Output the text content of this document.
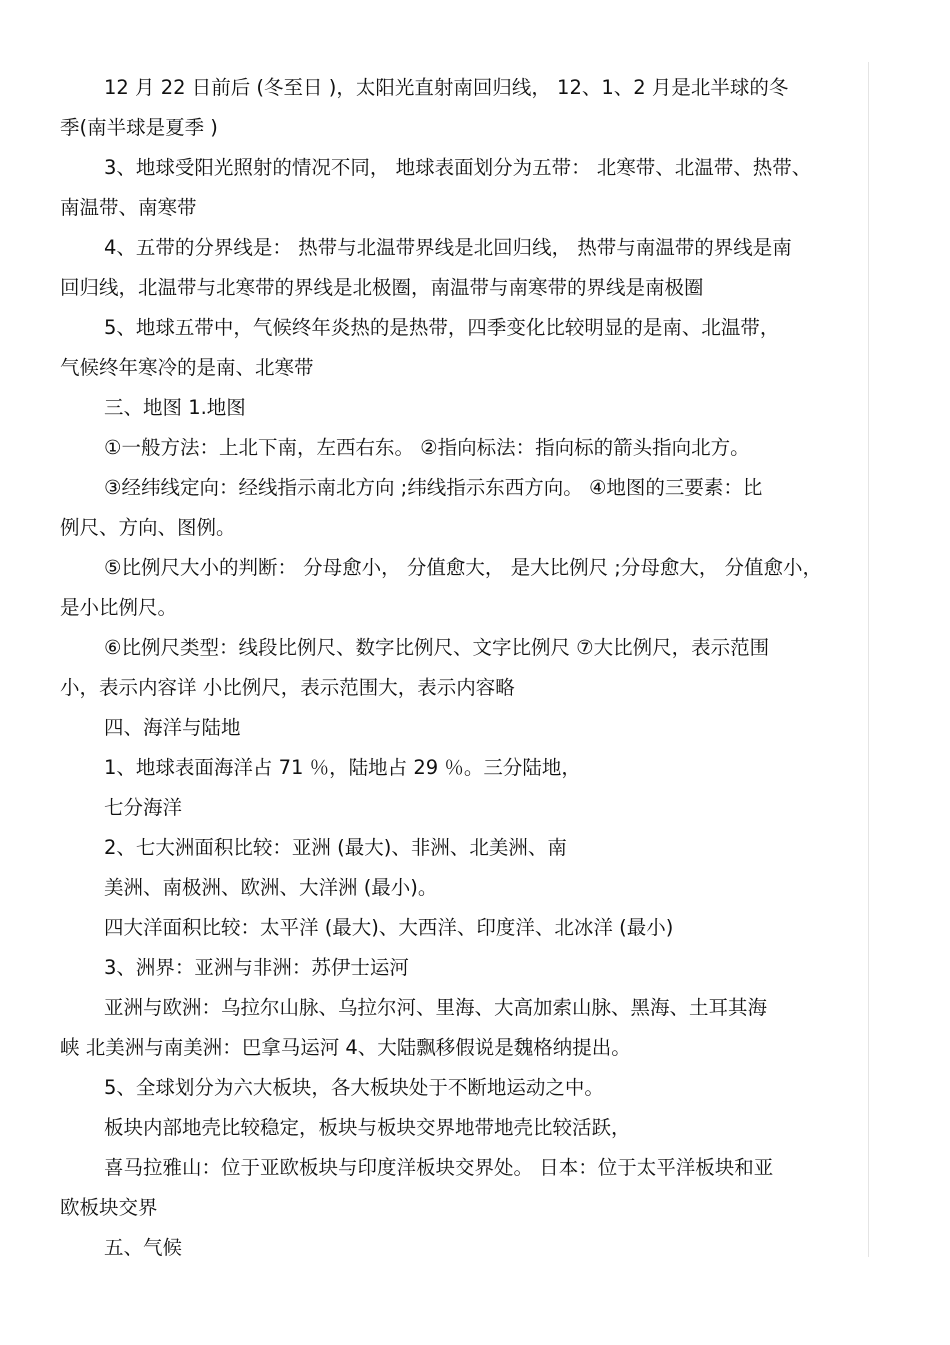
12 月 22 日前后 (冬至日 )，太阳光直射南回归线， 12、1、2 月是北半球的冬
季(南半球是夏季 )
3、地球受阳光照射的情况不同， 地球表面划分为五带： 北寒带、北温带、热带、
南温带、南寒带
4、五带的分界线是： 热带与北温带界线是北回归线， 热带与南温带的界线是南
回归线，北温带与北寒带的界线是北极圈，南温带与南寒带的界线是南极圈
5、地球五带中，气候终年炎热的是热带，四季变化比较明显的是南、北温带，
气候终年寒冷的是南、北寒带
三、地图 1.地图
①一般方法：上北下南，左西右东。 ②指向标法：指向标的箭头指向北方。
③经纬线定向：经线指示南北方向 ;纬线指示东西方向。 ④地图的三要素：比
例尺、方向、图例。
⑤比例尺大小的判断： 分母愈小， 分值愈大， 是大比例尺 ;分母愈大， 分值愈小，
是小比例尺。
⑥比例尺类型：线段比例尺、数字比例尺、文字比例尺 ⑦大比例尺，表示范围
小，表示内容详 小比例尺，表示范围大，表示内容略
四、海洋与陆地
1、地球表面海洋占 71 ％，陆地占 29 ％。三分陆地，
七分海洋
2、七大洲面积比较：亚洲 (最大)、非洲、北美洲、南
美洲、南极洲、欧洲、大洋洲 (最小)。
四大洋面积比较：太平洋 (最大)、大西洋、印度洋、北冰洋 (最小)
3、洲界：亚洲与非洲：苏伊士运河
亚洲与欧洲：乌拉尔山脉、乌拉尔河、里海、大高加索山脉、黑海、土耳其海
峡 北美洲与南美洲：巴拿马运河 4、大陆飘移假说是魏格纳提出。
5、全球划分为六大板块，各大板块处于不断地运动之中。
板块内部地壳比较稳定，板块与板块交界地带地壳比较活跃，
喜马拉雅山：位于亚欧板块与印度洋板块交界处。 日本：位于太平洋板块和亚
欧板块交界
五、气候
